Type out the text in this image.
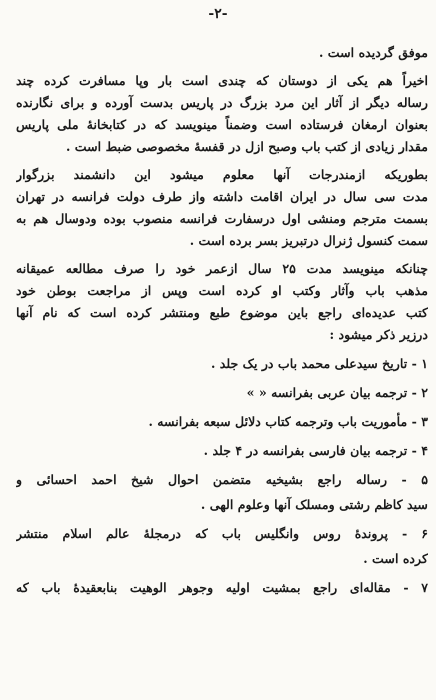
-۲-
موفق گردیده است .
اخیراً هم یکی از دوستان که چندی است بار وپا مسافرت کرده چند
رساله دیگر از آثار این مرد بزرگ در پاریس بدست آورده و برای نگارنده
بعنوان ارمغان فرستاده است وضمناً مینویسد که در کتابخانهٔ ملی پاریس
مقدار زیادی از کتب باب وصبح ازل در قفسهٔ مخصوصی ضبط است .
بطوریکه ازمندرجات آنها معلوم میشود این دانشمند بزرگوار
مدت سی سال در ایران اقامت داشته واز طرف دولت فرانسه در تهران
بسمت مترجم ومنشی اول درسفارت فرانسه منصوب بوده ودوسال هم به
سمت کنسول ژنرال درتبریز بسر برده است .
چنانکه مینویسد مدت ۲۵ سال ازعمر خود را صرف مطالعه عمیقانه
مذهب باب وآثار وکتب او کرده است وپس از مراجعت بوطن خود
کتب عدیده‌ای راجع باین موضوع طبع ومنتشر کرده است که نام آنها
درزیر ذکر میشود :
۱ - تاریخ سیدعلی محمد باب در یک جلد .
۲ - ترجمه بیان عربی بفرانسه « »
۳ - مأموریت باب وترجمه کتاب دلائل سبعه بفرانسه .
۴ - ترجمه بیان فارسی بفرانسه در ۴ جلد .
۵ - رساله راجع بشیخیه متضمن احوال شیخ احمد احسائی و
سید کاظم رشتی ومسلک آنها وعلوم الهی .
۶ - پروندهٔ روس وانگلیس باب که درمجلهٔ عالم اسلام منتشر
کرده است .
۷ - مقاله‌ای راجع بمشیت اولیه وجوهر الوهیت بنابعقیدهٔ باب که
